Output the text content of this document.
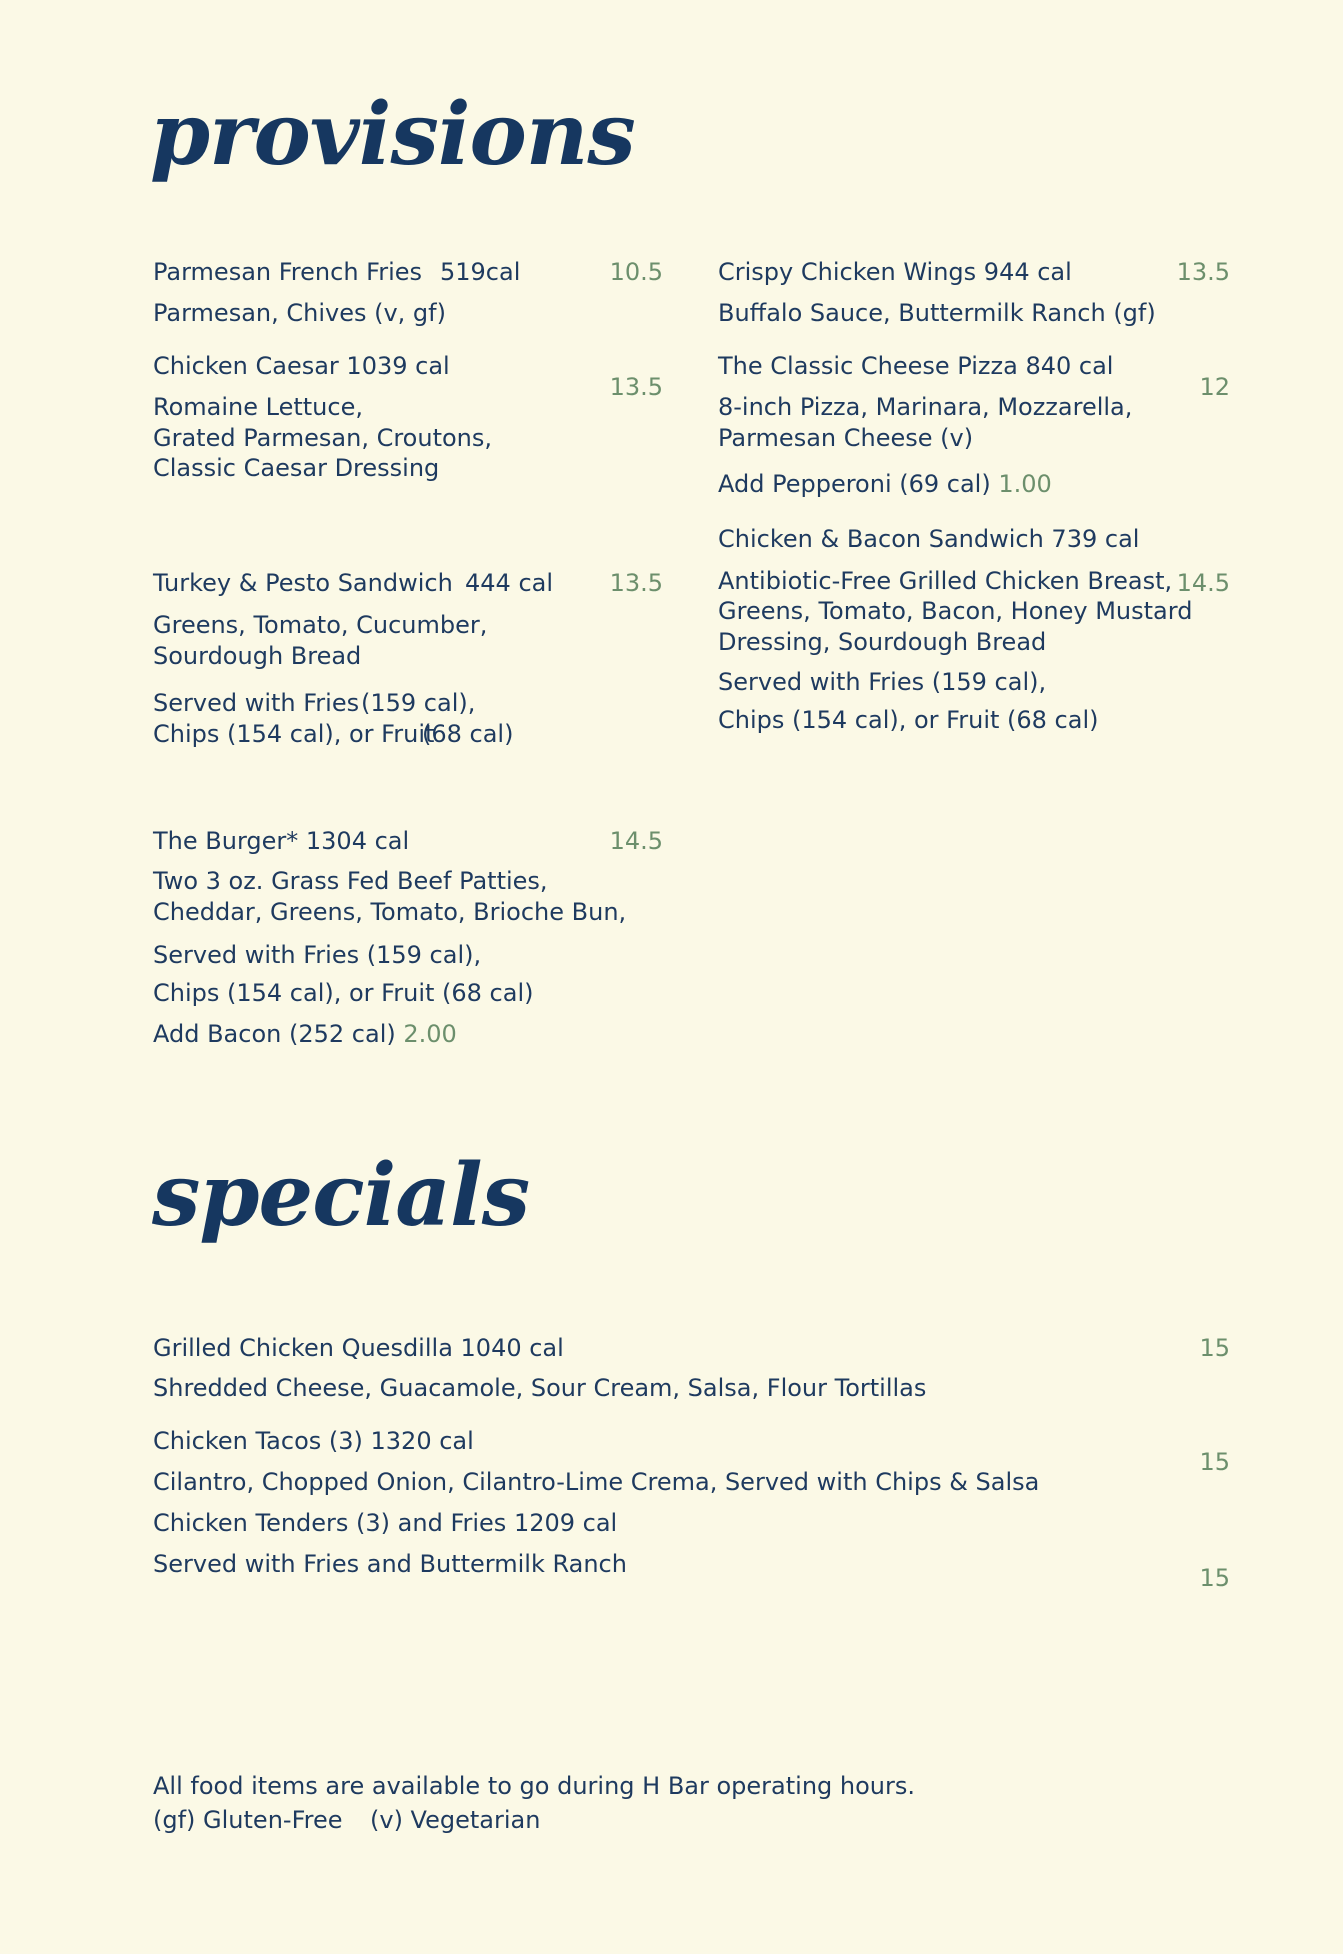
provisions
Parmesan French Fries 519cal	10.5
Parmesan, Chives (v, gf)
Chicken Caesar 1039 cal
13.5
Romaine Lettuce,
Grated Parmesan, Croutons,
Classic Caesar Dressing
Turkey & Pesto Sandwich 444 cal 13.5
Greens, Tomato, Cucumber,
Sourdough Bread
Served with Fries (159 cal),
Chips (154 cal), or Fruit
(68 cal)
The Burger* 1304 cal	14.5
Two 3 oz. Grass Fed Beef Patties,
Cheddar, Greens, Tomato, Brioche Bun,
Served with Fries (159 cal),
Chips (154 cal), or Fruit (68 cal)
Add Bacon (252 cal) 2.00
Crispy Chicken Wings 944 cal	13.5
Buffalo Sauce, Buttermilk Ranch (gf)
The Classic Cheese Pizza 840 cal
12
8-inch Pizza, Marinara, Mozzarella,
Parmesan Cheese (v)
Add Pepperoni (69 cal) 1.00
Chicken & Bacon Sandwich 739 cal
14.5
Antibiotic-Free Grilled Chicken Breast,
Greens, Tomato, Bacon, Honey Mustard
Dressing, Sourdough Bread
Served with Fries (159 cal),
Chips (154 cal), or Fruit (68 cal)
specials
Grilled Chicken Quesdilla 1040 cal	15
Shredded Cheese, Guacamole, Sour Cream, Salsa, Flour Tortillas
Chicken Tacos (3) 1320 cal
15
Cilantro, Chopped Onion, Cilantro-Lime Crema, Served with Chips & Salsa
Chicken Tenders (3) and Fries 1209 cal
Served with Fries and Buttermilk Ranch	15
All food items are available to go during H Bar operating hours.
(gf) Gluten-Free (v) Vegetarian
